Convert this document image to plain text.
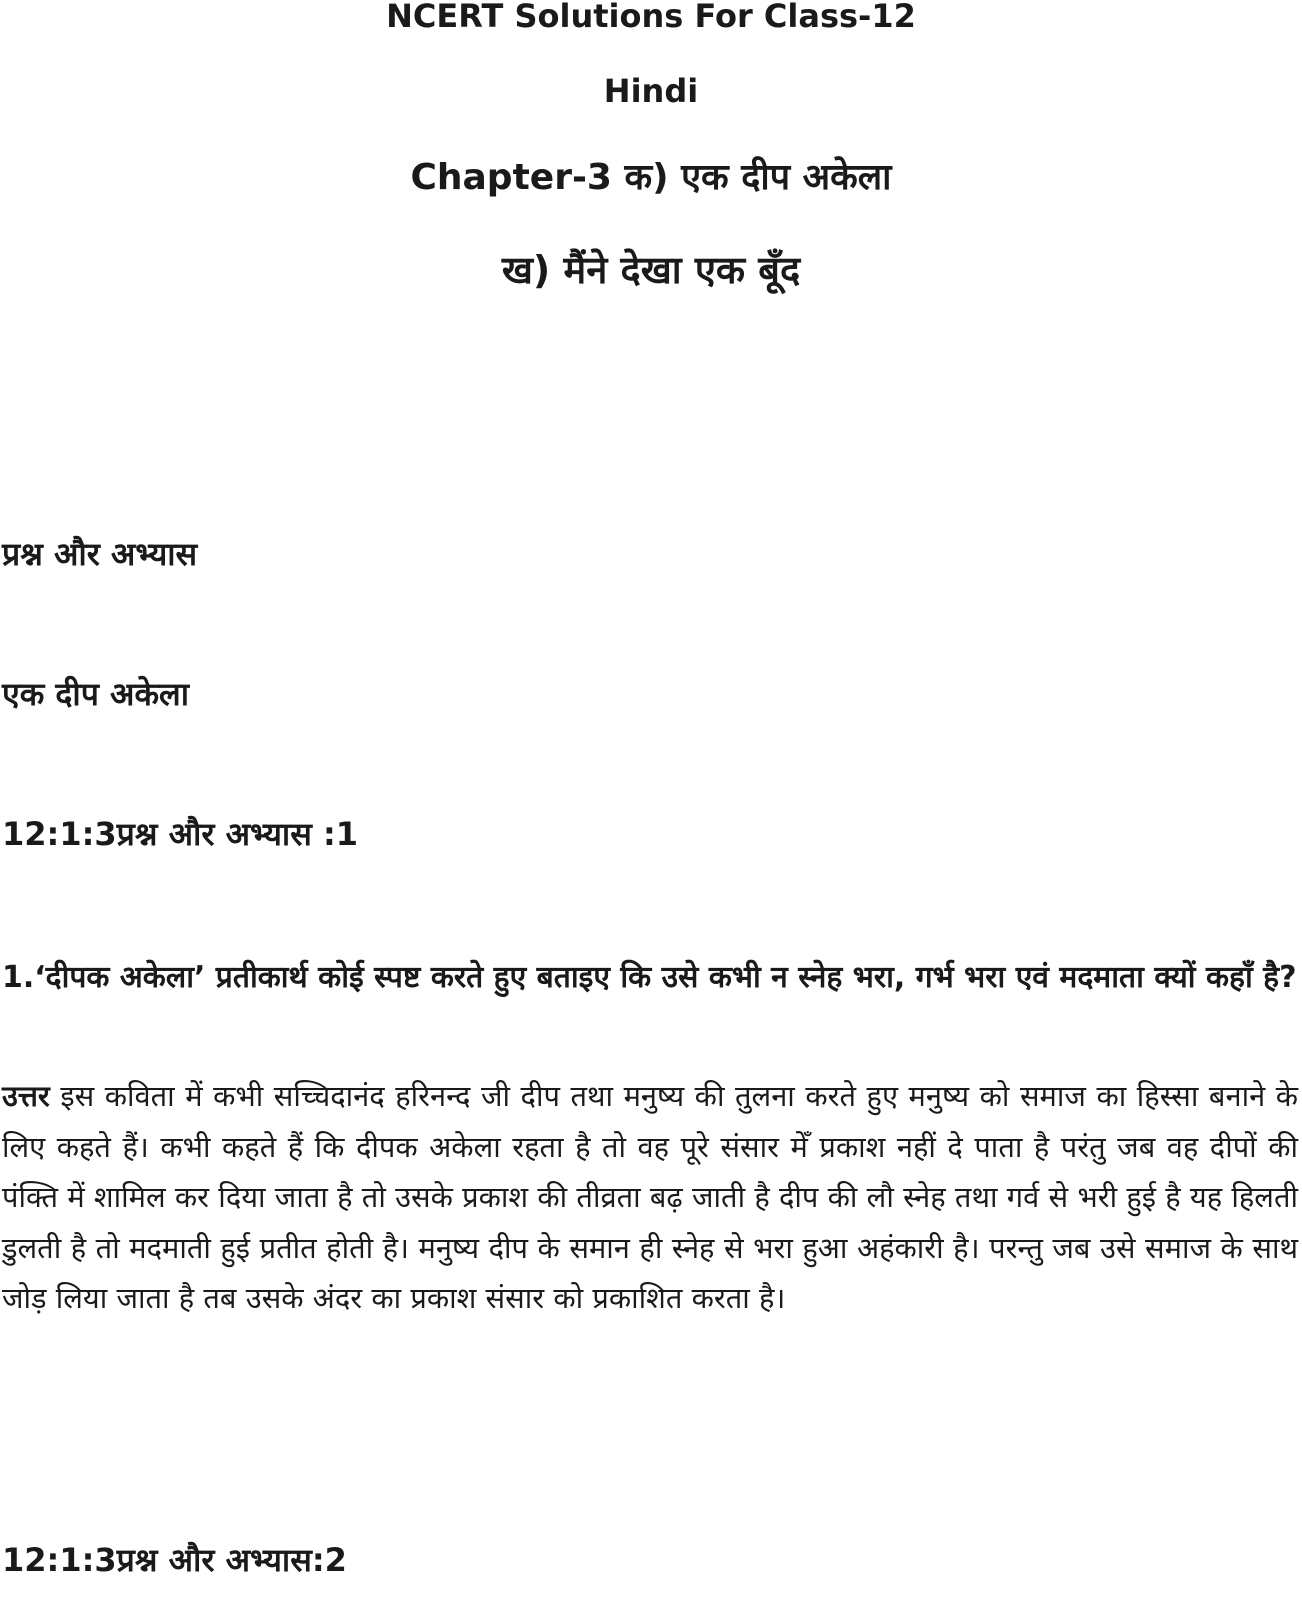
NCERT Solutions For Class-12
Hindi
Chapter-3 क) एक दीप अकेला
ख) मैंने देखा एक बूँद
प्रश्न और अभ्यास
एक दीप अकेला
12:1:3प्रश्न और अभ्यास :1
1.‘दीपक अकेला’ प्रतीकार्थ कोई स्पष्ट करते हुए बताइए कि उसे कभी न स्नेह भरा, गर्भ भरा एवं मदमाता क्यों कहाँ है?
उत्तर इस कविता में कभी सच्चिदानंद हरिनन्द जी दीप तथा मनुष्य की तुलना करते हुए मनुष्य को समाज का हिस्सा बनाने के लिए कहते हैं। कभी कहते हैं कि दीपक अकेला रहता है तो वह पूरे संसार मेँ प्रकाश नहीं दे पाता है परंतु जब वह दीपों की पंक्ति में शामिल कर दिया जाता है तो उसके प्रकाश की तीव्रता बढ़ जाती है दीप की लौ स्नेह तथा गर्व से भरी हुई है यह हिलती डुलती है तो मदमाती हुई प्रतीत होती है। मनुष्य दीप के समान ही स्नेह से भरा हुआ अहंकारी है। परन्तु जब उसे समाज के साथ जोड़ लिया जाता है तब उसके अंदर का प्रकाश संसार को प्रकाशित करता है।
12:1:3प्रश्न और अभ्यास:2
